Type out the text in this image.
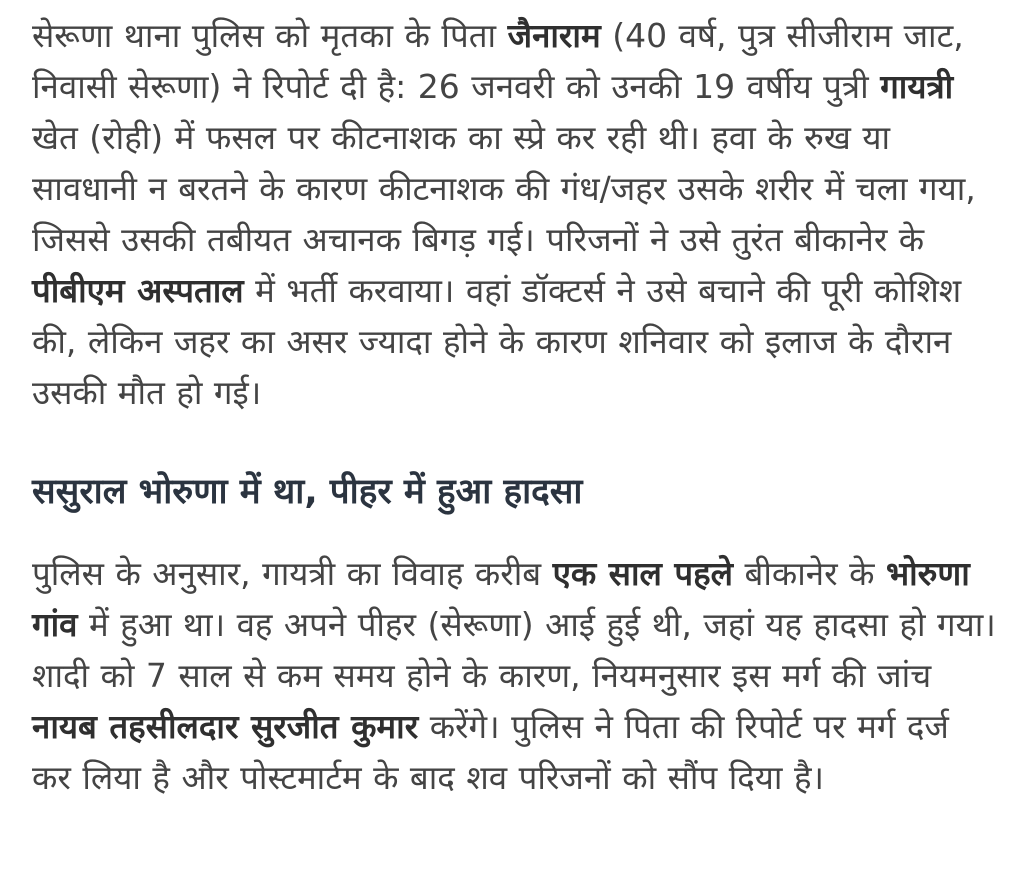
सेरूणा थाना पुलिस को मृतका के पिता जैनाराम (40 वर्ष, पुत्र सीजीराम जाट, निवासी सेरूणा) ने रिपोर्ट दी है: 26 जनवरी को उनकी 19 वर्षीय पुत्री गायत्री खेत (रोही) में फसल पर कीटनाशक का स्प्रे कर रही थी। हवा के रुख या सावधानी न बरतने के कारण कीटनाशक की गंध/जहर उसके शरीर में चला गया, जिससे उसकी तबीयत अचानक बिगड़ गई। परिजनों ने उसे तुरंत बीकानेर के पीबीएम अस्पताल में भर्ती करवाया। वहां डॉक्टर्स ने उसे बचाने की पूरी कोशिश की, लेकिन जहर का असर ज्यादा होने के कारण शनिवार को इलाज के दौरान उसकी मौत हो गई।

ससुराल भोरुणा में था, पीहर में हुआ हादसा

पुलिस के अनुसार, गायत्री का विवाह करीब एक साल पहले बीकानेर के भोरुणा गांव में हुआ था। वह अपने पीहर (सेरूणा) आई हुई थी, जहां यह हादसा हो गया। शादी को 7 साल से कम समय होने के कारण, नियमनुसार इस मर्ग की जांच नायब तहसीलदार सुरजीत कुमार करेंगे। पुलिस ने पिता की रिपोर्ट पर मर्ग दर्ज कर लिया है और पोस्टमार्टम के बाद शव परिजनों को सौंप दिया है।
